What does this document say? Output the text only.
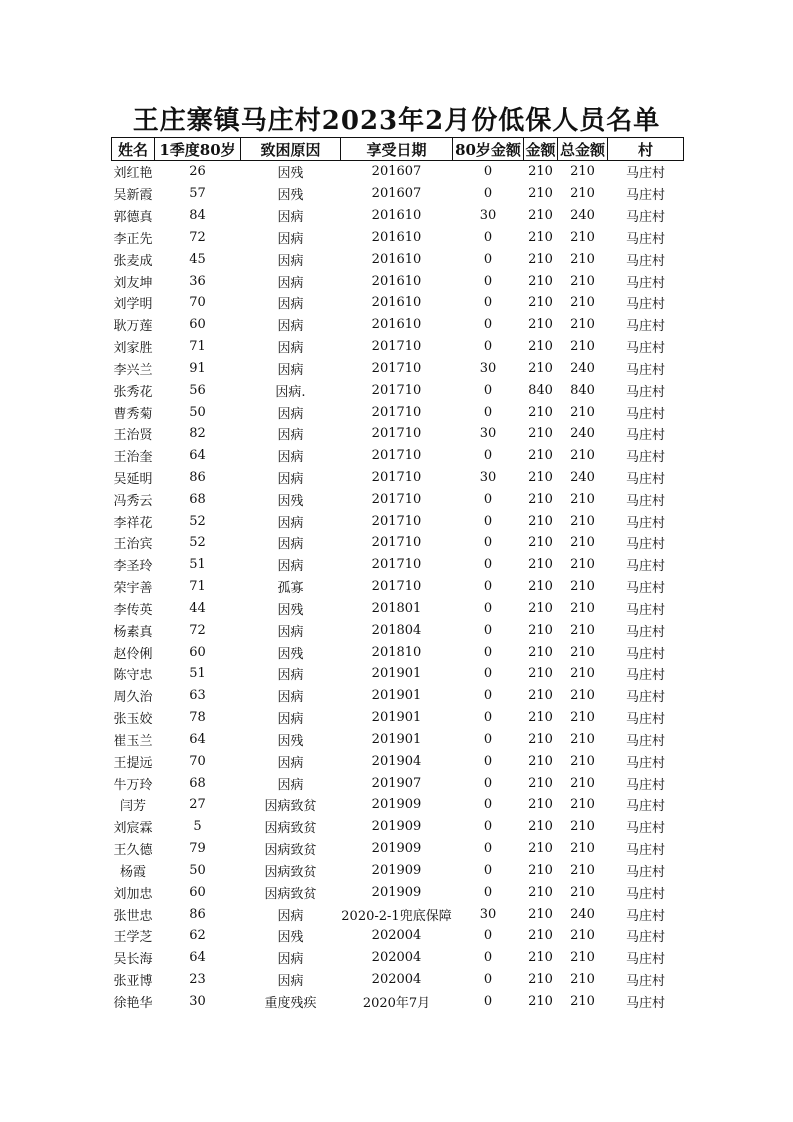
王庄寨镇马庄村2023年2月份低保人员名单
姓名	1季度80岁	致困原因	享受日期	80岁金额	金额	总金额	村
刘红艳	26	因残	201607	0	210	210	马庄村
吴新霞	57	因残	201607	0	210	210	马庄村
郭德真	84	因病	201610	30	210	240	马庄村
李正先	72	因病	201610	0	210	210	马庄村
张麦成	45	因病	201610	0	210	210	马庄村
刘友坤	36	因病	201610	0	210	210	马庄村
刘学明	70	因病	201610	0	210	210	马庄村
耿万莲	60	因病	201610	0	210	210	马庄村
刘家胜	71	因病	201710	0	210	210	马庄村
李兴兰	91	因病	201710	30	210	240	马庄村
张秀花	56	因病.	201710	0	840	840	马庄村
曹秀菊	50	因病	201710	0	210	210	马庄村
王治贤	82	因病	201710	30	210	240	马庄村
王治奎	64	因病	201710	0	210	210	马庄村
吴延明	86	因病	201710	30	210	240	马庄村
冯秀云	68	因残	201710	0	210	210	马庄村
李祥花	52	因病	201710	0	210	210	马庄村
王治宾	52	因病	201710	0	210	210	马庄村
李圣玲	51	因病	201710	0	210	210	马庄村
荣宇善	71	孤寡	201710	0	210	210	马庄村
李传英	44	因残	201801	0	210	210	马庄村
杨素真	72	因病	201804	0	210	210	马庄村
赵伶俐	60	因残	201810	0	210	210	马庄村
陈守忠	51	因病	201901	0	210	210	马庄村
周久治	63	因病	201901	0	210	210	马庄村
张玉姣	78	因病	201901	0	210	210	马庄村
崔玉兰	64	因残	201901	0	210	210	马庄村
王提远	70	因病	201904	0	210	210	马庄村
牛万玲	68	因病	201907	0	210	210	马庄村
闫芳	27	因病致贫	201909	0	210	210	马庄村
刘宸霖	5	因病致贫	201909	0	210	210	马庄村
王久德	79	因病致贫	201909	0	210	210	马庄村
杨霞	50	因病致贫	201909	0	210	210	马庄村
刘加忠	60	因病致贫	201909	0	210	210	马庄村
张世忠	86	因病	2020-2-1兜底保障	30	210	240	马庄村
王学芝	62	因残	202004	0	210	210	马庄村
吴长海	64	因病	202004	0	210	210	马庄村
张亚博	23	因病	202004	0	210	210	马庄村
徐艳华	30	重度残疾	2020年7月	0	210	210	马庄村
